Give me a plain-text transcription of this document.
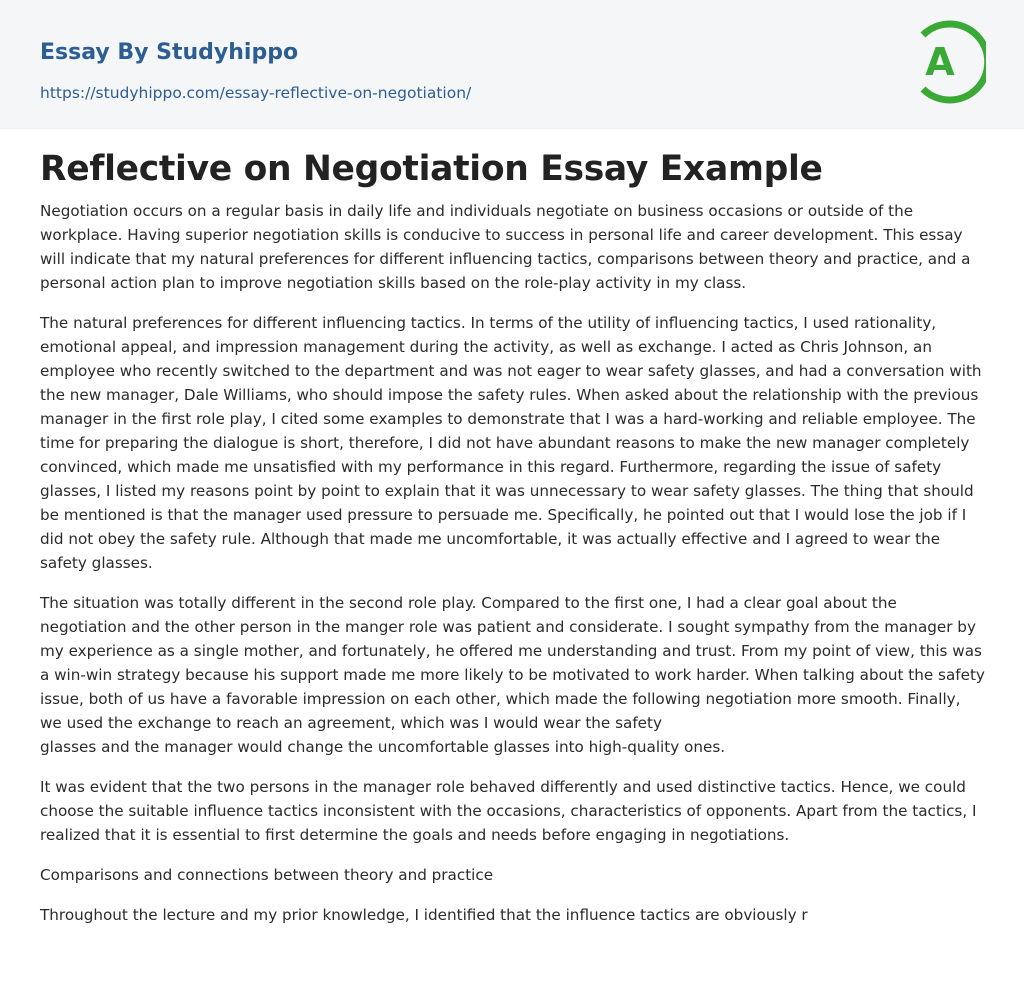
Essay By Studyhippo
https://studyhippo.com/essay-reflective-on-negotiation/
A
Reflective on Negotiation Essay Example

Negotiation occurs on a regular basis in daily life and individuals negotiate on business occasions or outside of the workplace. Having superior negotiation skills is conducive to success in personal life and career development. This essay will indicate that my natural preferences for different influencing tactics, comparisons between theory and practice, and a personal action plan to improve negotiation skills based on the role-play activity in my class.

The natural preferences for different influencing tactics. In terms of the utility of influencing tactics, I used rationality, emotional appeal, and impression management during the activity, as well as exchange. I acted as Chris Johnson, an employee who recently switched to the department and was not eager to wear safety glasses, and had a conversation with the new manager, Dale Williams, who should impose the safety rules. When asked about the relationship with the previous manager in the first role play, I cited some examples to demonstrate that I was a hard-working and reliable employee. The time for preparing the dialogue is short, therefore, I did not have abundant reasons to make the new manager completely convinced, which made me unsatisfied with my performance in this regard. Furthermore, regarding the issue of safety glasses, I listed my reasons point by point to explain that it was unnecessary to wear safety glasses. The thing that should be mentioned is that the manager used pressure to persuade me. Specifically, he pointed out that I would lose the job if I did not obey the safety rule. Although that made me uncomfortable, it was actually effective and I agreed to wear the safety glasses.

The situation was totally different in the second role play. Compared to the first one, I had a clear goal about the negotiation and the other person in the manger role was patient and considerate. I sought sympathy from the manager by my experience as a single mother, and fortunately, he offered me understanding and trust. From my point of view, this was a win-win strategy because his support made me more likely to be motivated to work harder. When talking about the safety issue, both of us have a favorable impression on each other, which made the following negotiation more smooth. Finally, we used the exchange to reach an agreement, which was I would wear the safety
glasses and the manager would change the uncomfortable glasses into high-quality ones.

It was evident that the two persons in the manager role behaved differently and used distinctive tactics. Hence, we could choose the suitable influence tactics inconsistent with the occasions, characteristics of opponents. Apart from the tactics, I realized that it is essential to first determine the goals and needs before engaging in negotiations.

Comparisons and connections between theory and practice

Throughout the lecture and my prior knowledge, I identified that the influence tactics are obviously r
